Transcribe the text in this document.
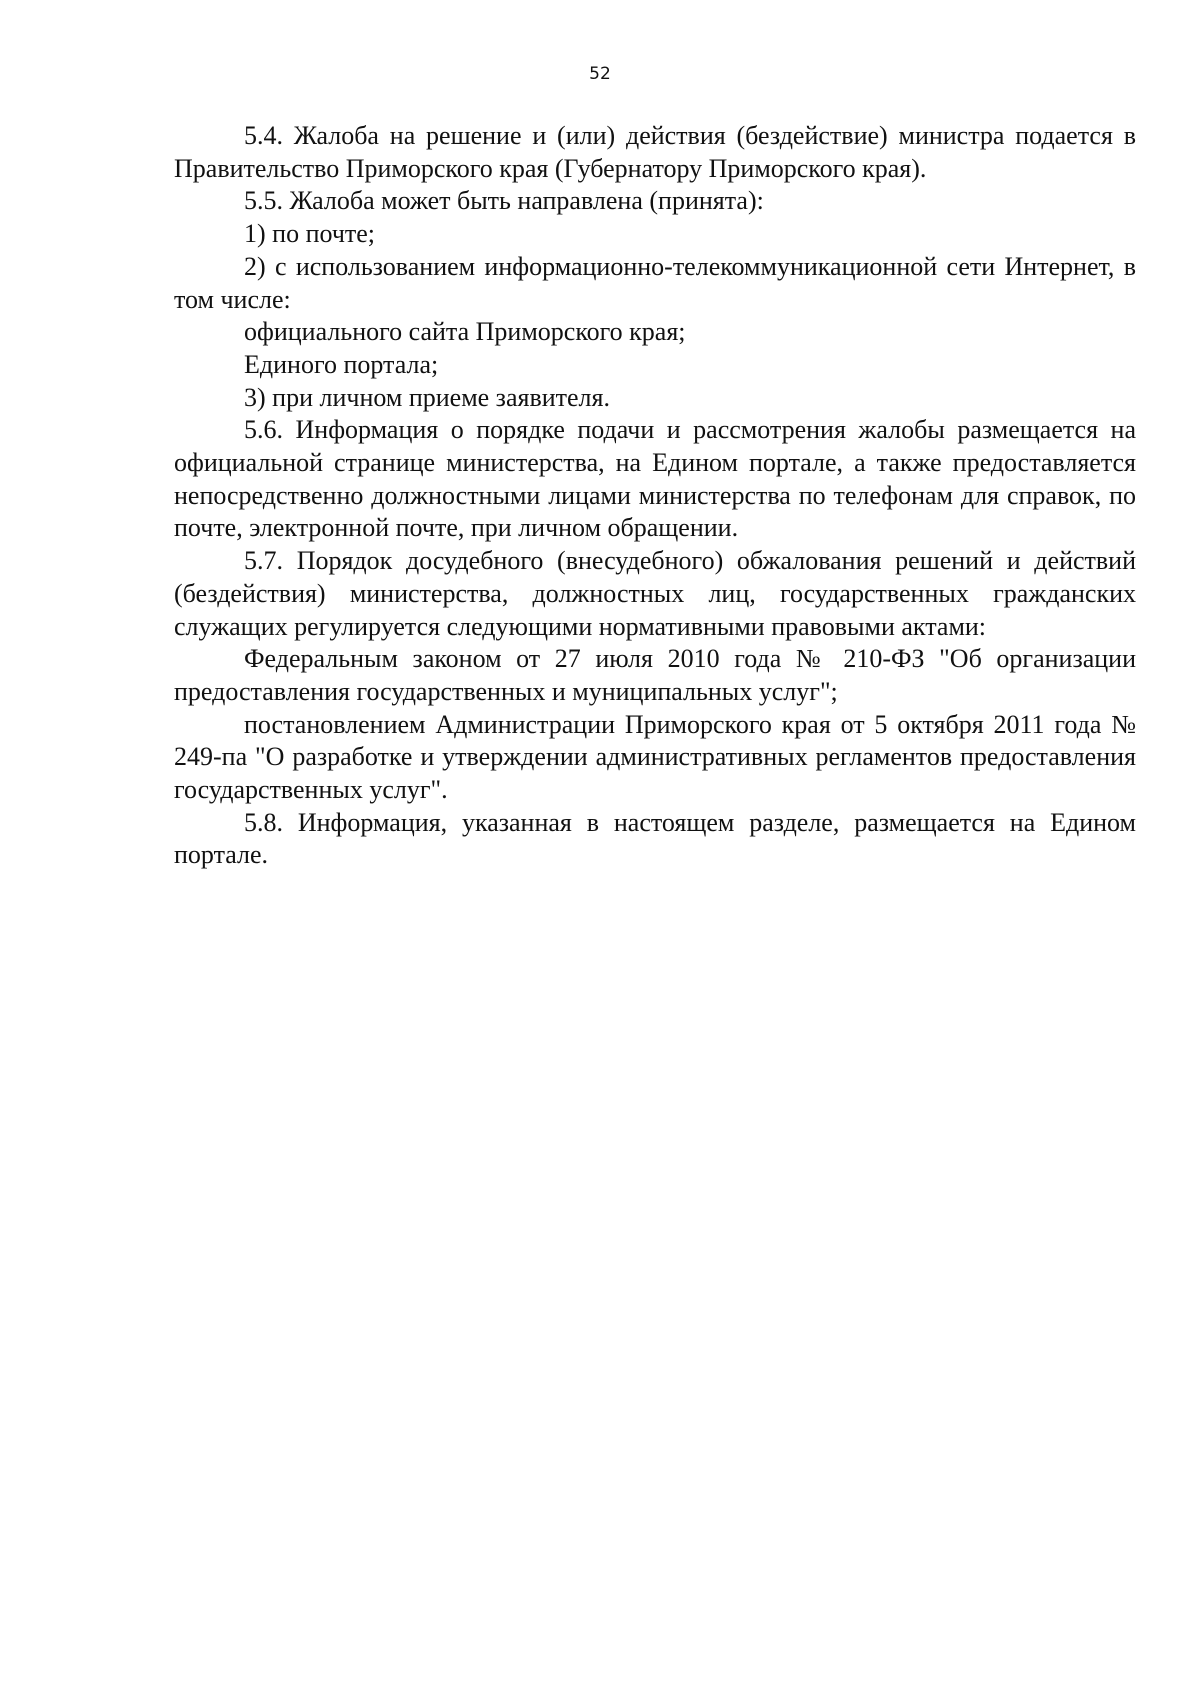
52

5.4. Жалоба на решение и (или) действия (бездействие) министра подается в Правительство Приморского края (Губернатору Приморского края).

5.5. Жалоба может быть направлена (принята):

1) по почте;

2) с использованием информационно-телекоммуникационной сети Интернет, в том числе:

официального сайта Приморского края;

Единого портала;

3) при личном приеме заявителя.

5.6. Информация о порядке подачи и рассмотрения жалобы размещается на официальной странице министерства, на Едином портале, а также предоставляется непосредственно должностными лицами министерства по телефонам для справок, по почте, электронной почте, при личном обращении.

5.7. Порядок досудебного (внесудебного) обжалования решений и действий (бездействия) министерства, должностных лиц, государственных гражданских служащих регулируется следующими нормативными правовыми актами:

Федеральным законом от 27 июля 2010 года № 210-ФЗ "Об организации предоставления государственных и муниципальных услуг";

постановлением Администрации Приморского края от 5 октября 2011 года № 249-па "О разработке и утверждении административных регламентов предоставления государственных услуг".

5.8. Информация, указанная в настоящем разделе, размещается на Едином портале.
